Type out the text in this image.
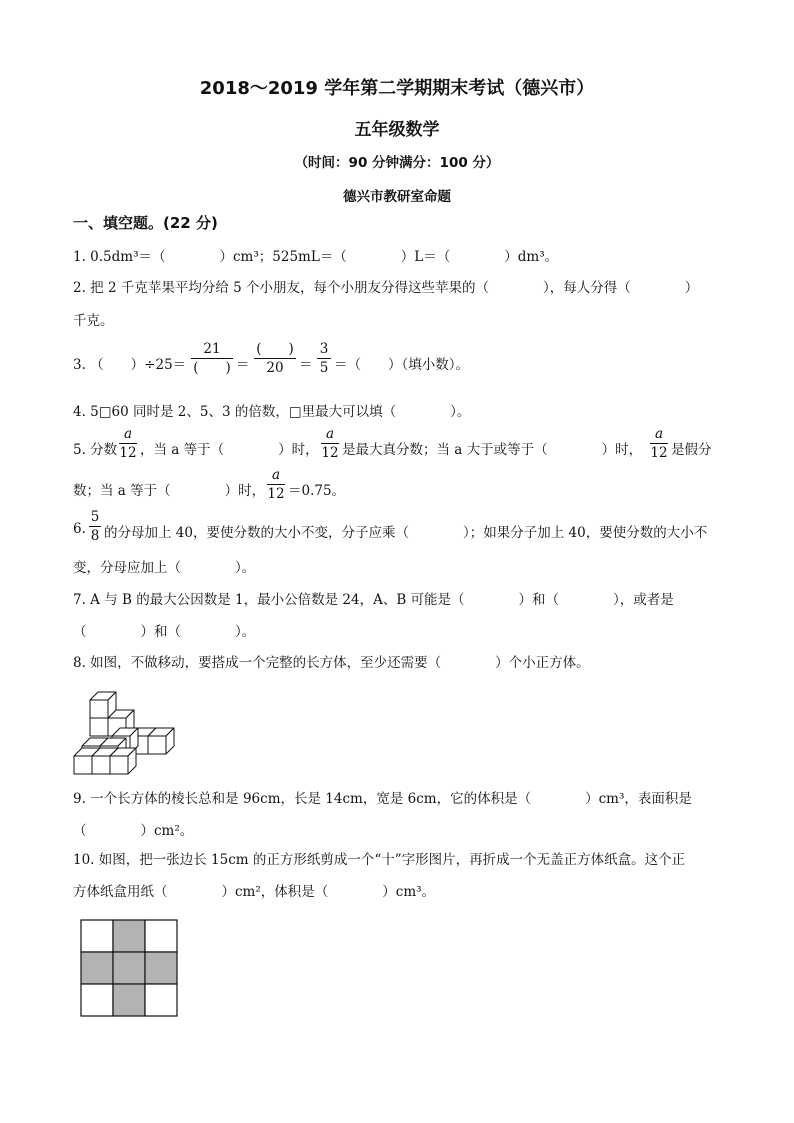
2018～2019 学年第二学期期末考试（德兴市）
五年级数学
（时间：90 分钟满分：100 分）
德兴市教研室命题
一、填空题。(22 分)
1. 0.5dm³＝（　　　　）cm³；525mL＝（　　　　）L＝（　　　　）dm³。
2. 把 2 千克苹果平均分给 5 个小朋友，每个小朋友分得这些苹果的（　　　　），每人分得（　　　　）
千克。
3. （　　）÷25＝
21
(　　) ＝
(　　)
20	＝
3
5 ＝（　　）（填小数）。
4. 5□60 同时是 2、5、3 的倍数，□里最大可以填（　　　　）。
5. 分数
a
12 ，当 a 等于（　　　　）时，
a
12 是最大真分数；当 a 大于或等于（　　　　）时，
a
12 是假分
数；当 a 等于（　　　　）时，
a
12 ＝0.75。
6.
5
8 的分母加上 40，要使分数的大小不变，分子应乘（　　　　）；如果分子加上 40，要使分数的大小不
变，分母应加上（　　　　）。
7. A 与 B 的最大公因数是 1，最小公倍数是 24，A、B 可能是（　　　　）和（　　　　），或者是
（　　　　）和（　　　　）。
8. 如图，不做移动，要搭成一个完整的长方体，至少还需要（　　　　）个小正方体。
9. 一个长方体的棱长总和是 96cm，长是 14cm，宽是 6cm，它的体积是（　　　　）cm³，表面积是
（　　　　）cm²。
10. 如图，把一张边长 15cm 的正方形纸剪成一个“十”字形图片，再折成一个无盖正方体纸盒。这个正
方体纸盒用纸（　　　　）cm²，体积是（　　　　）cm³。
